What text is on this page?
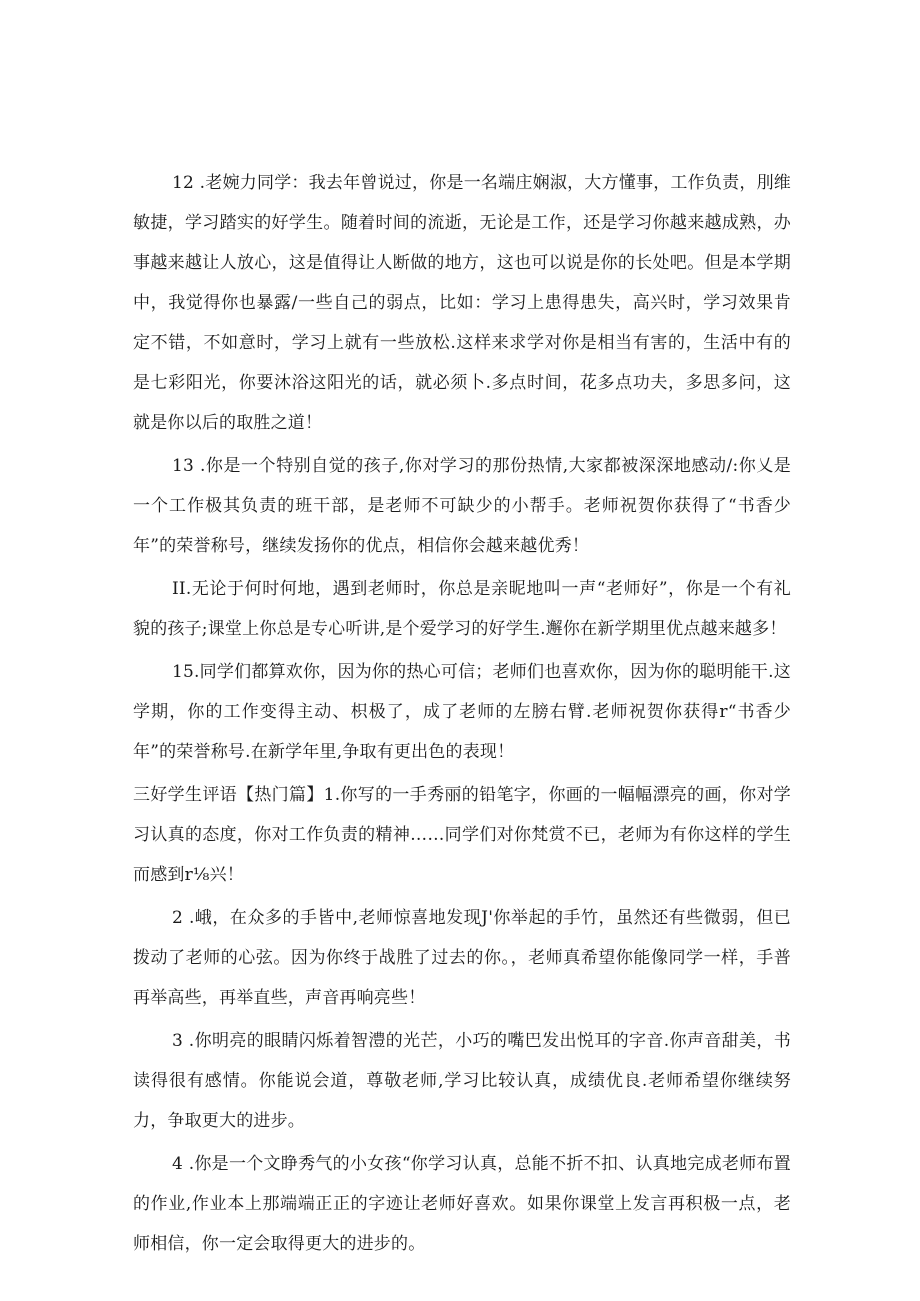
12 .老婉力同学：我去年曾说过，你是一名端庄娴淑，大方懂事，工作负责，刖维敏捷，学习踏实的好学生。随着时间的流逝，无论是工作，还是学习你越来越成熟，办事越来越让人放心，这是值得让人断做的地方，这也可以说是你的长处吧。但是本学期中，我觉得你也暴露/一些自己的弱点，比如：学习上患得患失，高兴时，学习效果肯定不错，不如意时，学习上就有一些放松.这样来求学对你是相当有害的，生活中有的是七彩阳光，你要沐浴这阳光的话，就必须卜.多点时间，花多点功夫，多思多问，这就是你以后的取胜之道！

13 .你是一个特别自觉的孩子,你对学习的那份热情,大家都被深深地感动/:你乂是一个工作极其负责的班干部，是老师不可缺少的小帮手。老师祝贺你获得了“书香少年”的荣誉称号，继续发扬你的优点，相信你会越来越优秀！

II.无论于何时何地，遇到老师时，你总是亲昵地叫一声“老师好”，你是一个有礼貌的孩子;课堂上你总是专心听讲,是个爱学习的好学生.邂你在新学期里优点越来越多！

15.同学们都算欢你，因为你的热心可信；老师们也喜欢你，因为你的聪明能干.这学期，你的工作变得主动、枳极了，成了老师的左膀右臂.老师祝贺你获得r“书香少年”的荣誉称号.在新学年里,争取有更出色的表现！

三好学生评语【热门篇】1.你写的一手秀丽的铅笔字，你画的一幅幅漂亮的画，你对学习认真的态度，你对工作负责的精神……同学们对你梵赏不已，老师为有你这样的学生而感到r⅛兴！

2 .峨，在众多的手皆中,老师惊喜地发现J'你举起的手竹，虽然还有些微弱，但已拨动了老师的心弦。因为你终于战胜了过去的你。，老师真希望你能像同学一样，手普再举高些，再举直些，声音再响亮些！

3 .你明亮的眼睛闪烁着智澧的光芒，小巧的嘴巴发出悦耳的字音.你声音甜美，书读得很有感情。你能说会道，尊敬老师,学习比较认真，成绩优良.老师希望你继续努力，争取更大的进步。

4 .你是一个文睁秀气的小女孩“你学习认真，总能不折不扣、认真地完成老师布置的作业,作业本上那端端正正的字迹让老师好喜欢。如果你课堂上发言再积极一点，老师相信，你一定会取得更大的进步的。
